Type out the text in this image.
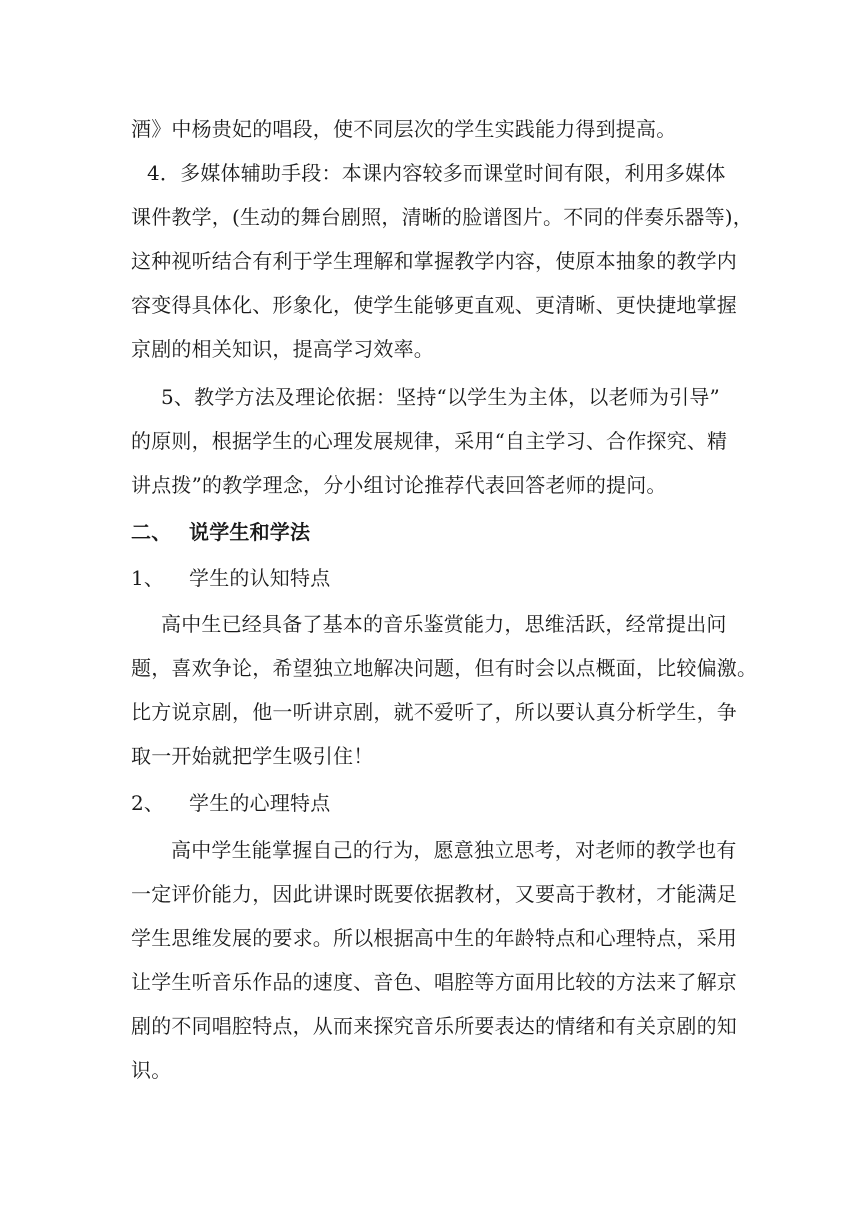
酒》中杨贵妃的唱段，使不同层次的学生实践能力得到提高。
4．多媒体辅助手段：本课内容较多而课堂时间有限，利用多媒体
课件教学，(生动的舞台剧照，清晰的脸谱图片。不同的伴奏乐器等)，
这种视听结合有利于学生理解和掌握教学内容，使原本抽象的教学内
容变得具体化、形象化，使学生能够更直观、更清晰、更快捷地掌握
京剧的相关知识，提高学习效率。
5、教学方法及理论依据：坚持“以学生为主体，以老师为引导”
的原则，根据学生的心理发展规律，采用“自主学习、合作探究、精
讲点拨”的教学理念，分小组讨论推荐代表回答老师的提问。
二、 说学生和学法
1、 学生的认知特点
高中生已经具备了基本的音乐鉴赏能力，思维活跃，经常提出问
题，喜欢争论，希望独立地解决问题，但有时会以点概面，比较偏激。
比方说京剧，他一听讲京剧，就不爱听了，所以要认真分析学生，争
取一开始就把学生吸引住！
2、 学生的心理特点
高中学生能掌握自己的行为，愿意独立思考，对老师的教学也有
一定评价能力，因此讲课时既要依据教材，又要高于教材，才能满足
学生思维发展的要求。所以根据高中生的年龄特点和心理特点，采用
让学生听音乐作品的速度、音色、唱腔等方面用比较的方法来了解京
剧的不同唱腔特点，从而来探究音乐所要表达的情绪和有关京剧的知
识。
